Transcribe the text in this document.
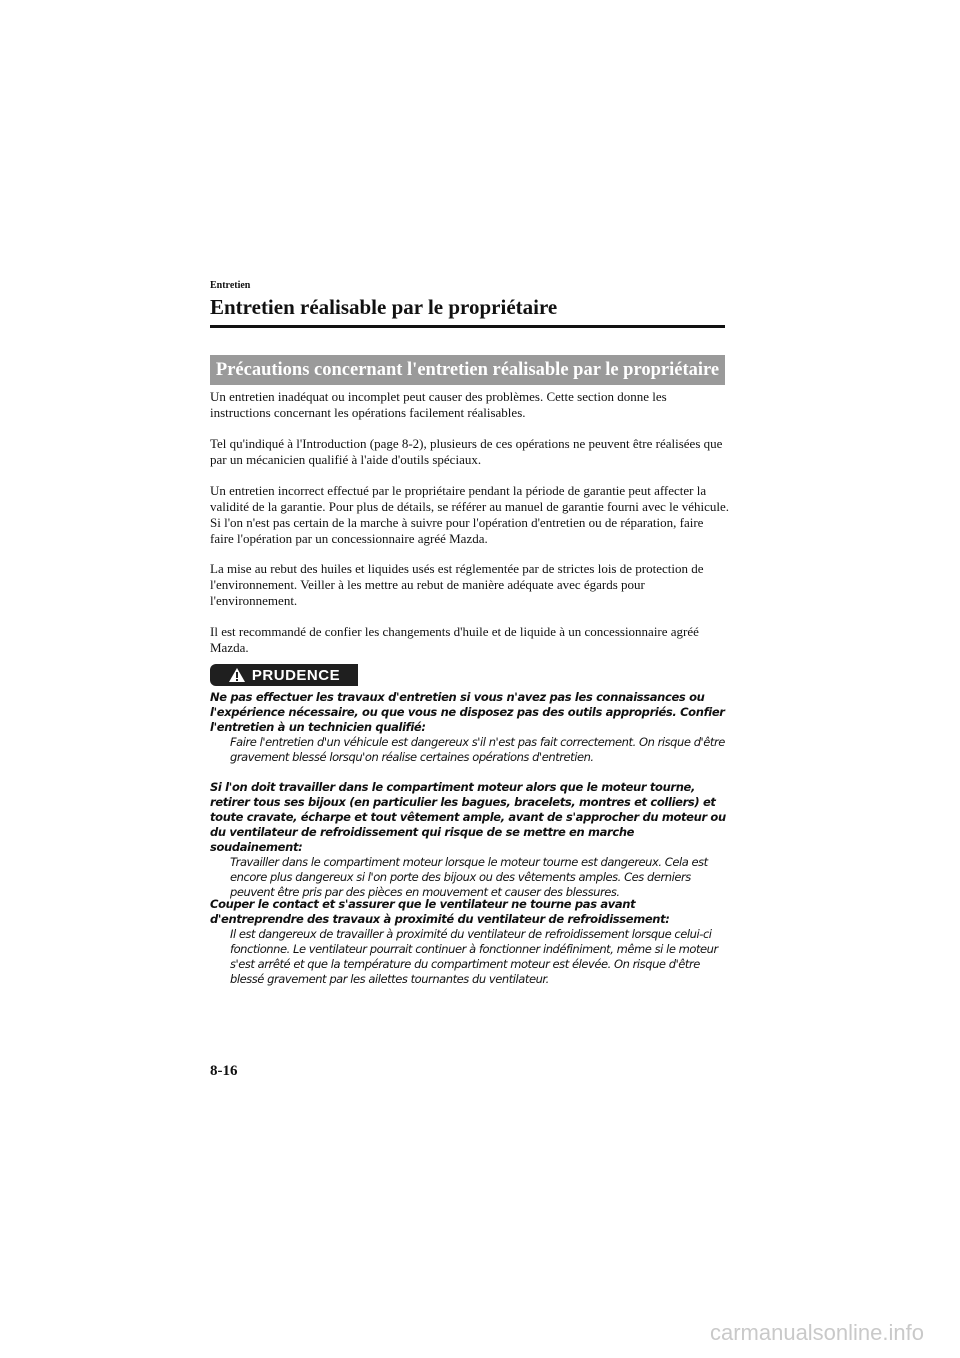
Entretien
Entretien réalisable par le propriétaire
Précautions concernant l'entretien réalisable par le propriétaire

Un entretien inadéquat ou incomplet peut causer des problèmes. Cette section donne les instructions concernant les opérations facilement réalisables.

Tel qu'indiqué à l'Introduction (page 8-2), plusieurs de ces opérations ne peuvent être réalisées que par un mécanicien qualifié à l'aide d'outils spéciaux.

Un entretien incorrect effectué par le propriétaire pendant la période de garantie peut affecter la validité de la garantie. Pour plus de détails, se référer au manuel de garantie fourni avec le véhicule. Si l'on n'est pas certain de la marche à suivre pour l'opération d'entretien ou de réparation, faire faire l'opération par un concessionnaire agréé Mazda.

La mise au rebut des huiles et liquides usés est réglementée par de strictes lois de protection de l'environnement. Veiller à les mettre au rebut de manière adéquate avec égards pour l'environnement.

Il est recommandé de confier les changements d'huile et de liquide à un concessionnaire agréé Mazda.

PRUDENCE

Ne pas effectuer les travaux d'entretien si vous n'avez pas les connaissances ou l'expérience nécessaire, ou que vous ne disposez pas des outils appropriés. Confier l'entretien à un technicien qualifié:

Faire l'entretien d'un véhicule est dangereux s'il n'est pas fait correctement. On risque d'être gravement blessé lorsqu'on réalise certaines opérations d'entretien.

Si l'on doit travailler dans le compartiment moteur alors que le moteur tourne, retirer tous ses bijoux (en particulier les bagues, bracelets, montres et colliers) et toute cravate, écharpe et tout vêtement ample, avant de s'approcher du moteur ou du ventilateur de refroidissement qui risque de se mettre en marche soudainement:

Travailler dans le compartiment moteur lorsque le moteur tourne est dangereux. Cela est encore plus dangereux si l'on porte des bijoux ou des vêtements amples. Ces derniers peuvent être pris par des pièces en mouvement et causer des blessures.

Couper le contact et s'assurer que le ventilateur ne tourne pas avant d'entreprendre des travaux à proximité du ventilateur de refroidissement:

Il est dangereux de travailler à proximité du ventilateur de refroidissement lorsque celui-ci fonctionne. Le ventilateur pourrait continuer à fonctionner indéfiniment, même si le moteur s'est arrêté et que la température du compartiment moteur est élevée. On risque d'être blessé gravement par les ailettes tournantes du ventilateur.

8-16
carmanualsonline.info
